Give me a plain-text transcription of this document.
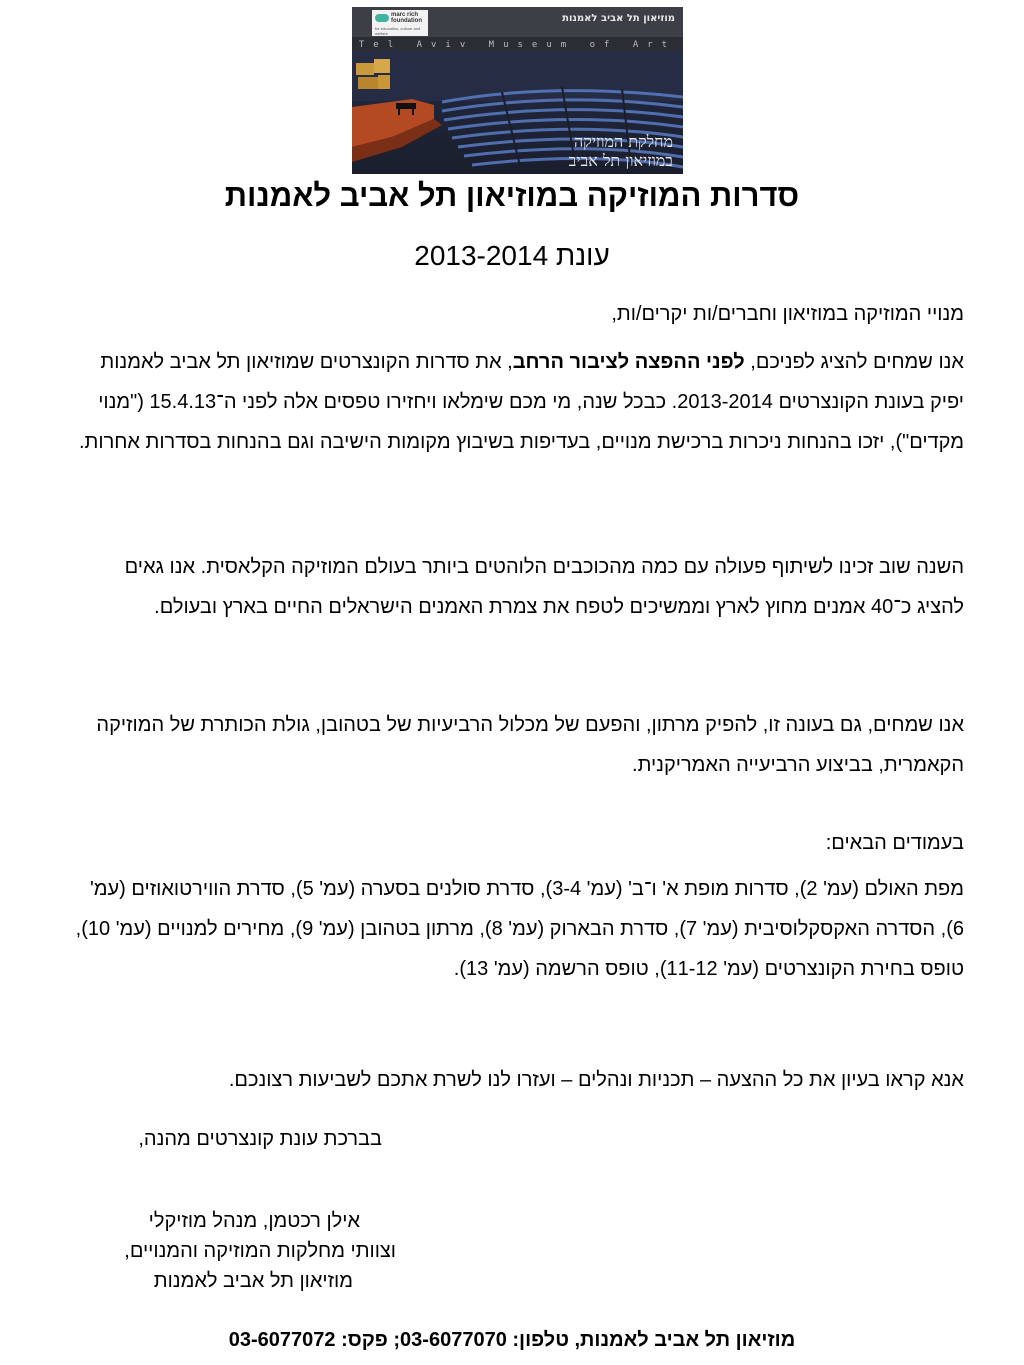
marc rich foundation
for education, culture and welfare
מוזיאון תל אביב לאמנות
Tel Aviv Museum of Art
מחלקת המוזיקה
במוזיאון תל אביב
סדרות המוזיקה במוזיאון תל אביב לאמנות
עונת 2013-2014

מנויי המוזיקה במוזיאון וחברים/ות יקרים/ות,

אנו שמחים להציג לפניכם, לפני ההפצה לציבור הרחב, את סדרות הקונצרטים שמוזיאון תל אביב לאמנות יפיק בעונת הקונצרטים 2013-2014. כבכל שנה, מי מכם שימלאו ויחזירו טפסים אלה לפני ה־15.4.13 ("מנוי מקדים"), יזכו בהנחות ניכרות ברכישת מנויים, בעדיפות בשיבוץ מקומות הישיבה וגם בהנחות בסדרות אחרות.

השנה שוב זכינו לשיתוף פעולה עם כמה מהכוכבים הלוהטים ביותר בעולם המוזיקה הקלאסית. אנו גאים להציג כ־40 אמנים מחוץ לארץ וממשיכים לטפח את צמרת האמנים הישראלים החיים בארץ ובעולם.

אנו שמחים, גם בעונה זו, להפיק מרתון, והפעם של מכלול הרביעיות של בטהובן, גולת הכותרת של המוזיקה הקאמרית, בביצוע הרביעייה האמריקנית.

בעמודים הבאים:

מפת האולם (עמ' 2), סדרות מופת א' ו־ב' (עמ' 3-4), סדרת סולנים בסערה (עמ' 5), סדרת הווירטואוזים (עמ' 6), הסדרה האקסקלוסיבית (עמ' 7), סדרת הבארוק (עמ' 8), מרתון בטהובן (עמ' 9), מחירים למנויים (עמ' 10), טופס בחירת הקונצרטים (עמ' 11-12), טופס הרשמה (עמ' 13).

אנא קראו בעיון את כל ההצעה – תכניות ונהלים – ועזרו לנו לשרת אתכם לשביעות רצונכם.

בברכת עונת קונצרטים מהנה,

אילן רכטמן, מנהל מוזיקלי
וצוותי מחלקות המוזיקה והמנויים,
מוזיאון תל אביב לאמנות

מוזיאון תל אביב לאמנות, טלפון: 03-6077070; פקס: 03-6077072
